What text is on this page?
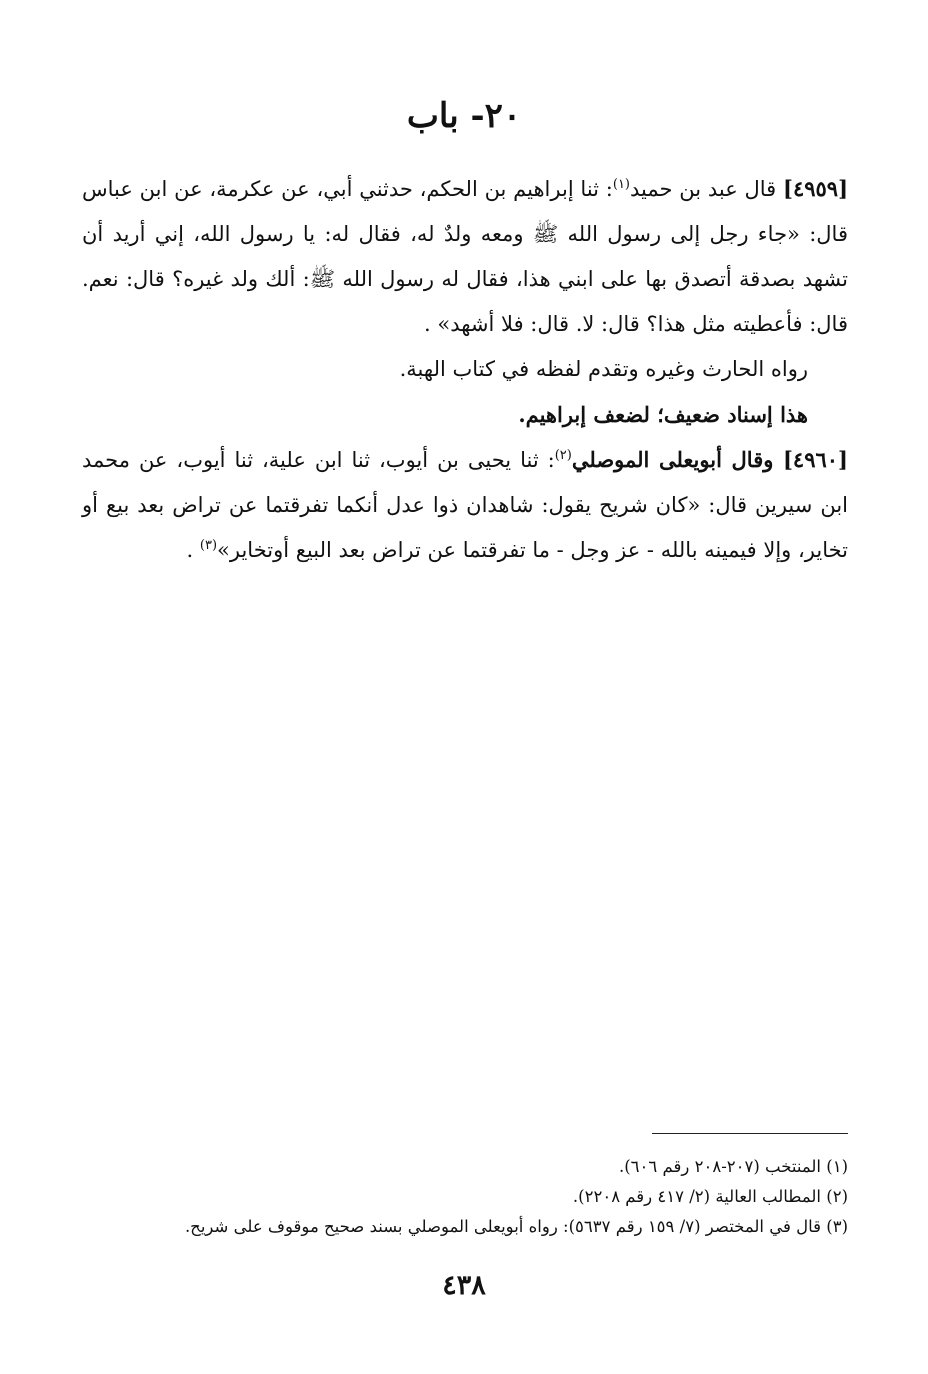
٢٠- باب

[٤٩٥٩] قال عبد بن حميد$^{(١)}$: ثنا إبراهيم بن الحكم، حدثني أبي، عن عكرمة، عن ابن عباس قال: «جاء رجل إلى رسول الله ﷺ ومعه ولدٌ له، فقال له: يا رسول الله، إني أريد أن تشهد بصدقة أتصدق بها على ابني هذا، فقال له رسول الله ﷺ: ألك ولد غيره؟ قال: نعم. قال: فأعطيته مثل هذا؟ قال: لا. قال: فلا أشهد» .

رواه الحارث وغيره وتقدم لفظه في كتاب الهبة.

هذا إسناد ضعيف؛ لضعف إبراهيم.

[٤٩٦٠] وقال أبويعلى الموصلي$^{(٢)}$: ثنا يحيى بن أيوب، ثنا ابن علية، ثنا أيوب، عن محمد ابن سيرين قال: «كان شريح يقول: شاهدان ذوا عدل أنكما تفرقتما عن تراض بعد بيع أو تخاير، وإلا فيمينه بالله - عز وجل - ما تفرقتما عن تراض بعد البيع أوتخاير»$^{(٣)}$ .

(١) المنتخب (٢٠٧-٢٠٨ رقم ٦٠٦).

(٢) المطالب العالية (٢/ ٤١٧ رقم ٢٢٠٨).

(٣) قال في المختصر (٧/ ١٥٩ رقم ٥٦٣٧): رواه أبويعلى الموصلي بسند صحيح موقوف على شريح.

٤٣٨
